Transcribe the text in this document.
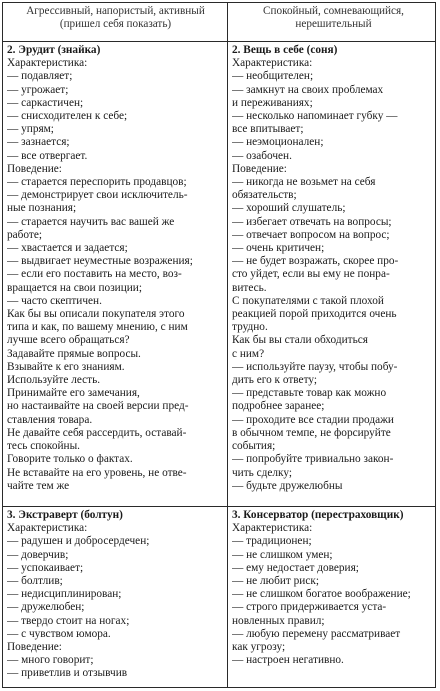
Агрессивный, напористый, активный
(пришел себя показать)
Спокойный, сомневающийся,
нерешительный
2. Эрудит (знайка)
Характеристика:
— подавляет;
— угрожает;
— саркастичен;
— снисходителен к себе;
— упрям;
— зазнается;
— все отвергает.
Поведение:
— старается переспорить продавцов;
— демонстрирует свои исключитель-
ные познания;
— старается научить вас вашей же
работе;
— хвастается и задается;
— выдвигает неуместные возражения;
— если его поставить на место, воз-
вращается на свои позиции;
— часто скептичен.
Как бы вы описали покупателя этого
типа и как, по вашему мнению, с ним
лучше всего обращаться?
Задавайте прямые вопросы.
Взывайте к его знаниям.
Используйте лесть.
Принимайте его замечания,
но настаивайте на своей версии пред-
ставления товара.
Не давайте себя рассердить, оставай-
тесь спокойны.
Говорите только о фактах.
Не вставайте на его уровень, не отве-
чайте тем же
2. Вещь в себе (соня)
Характеристика:
— необщителен;
— замкнут на своих проблемах
и переживаниях;
— несколько напоминает губку —
все впитывает;
— неэмоционален;
— озабочен.
Поведение:
— никогда не возьмет на себя
обязательств;
— хороший слушатель;
— избегает отвечать на вопросы;
— отвечает вопросом на вопрос;
— очень критичен;
— не будет возражать, скорее про-
сто уйдет, если вы ему не понра-
витесь.
С покупателями с такой плохой
реакцией порой приходится очень
трудно.
Как бы вы стали обходиться
с ним?
— используйте паузу, чтобы побу-
дить его к ответу;
— представьте товар как можно
подробнее заранее;
— проходите все стадии продажи
в обычном темпе, не форсируйте
события;
— попробуйте тривиально закон-
чить сделку;
— будьте дружелюбны
3. Экстраверт (болтун)
Характеристика:
— радушен и добросердечен;
— доверчив;
— успокаивает;
— болтлив;
— недисциплинирован;
— дружелюбен;
— твердо стоит на ногах;
— с чувством юмора.
Поведение:
— много говорит;
— приветлив и отзывчив
3. Консерватор (перестраховщик)
Характеристика:
— традиционен;
— не слишком умен;
— ему недостает доверия;
— не любит риск;
— не слишком богатое воображение;
— строго придерживается уста-
новленных правил;
— любую перемену рассматривает
как угрозу;
— настроен негативно.
